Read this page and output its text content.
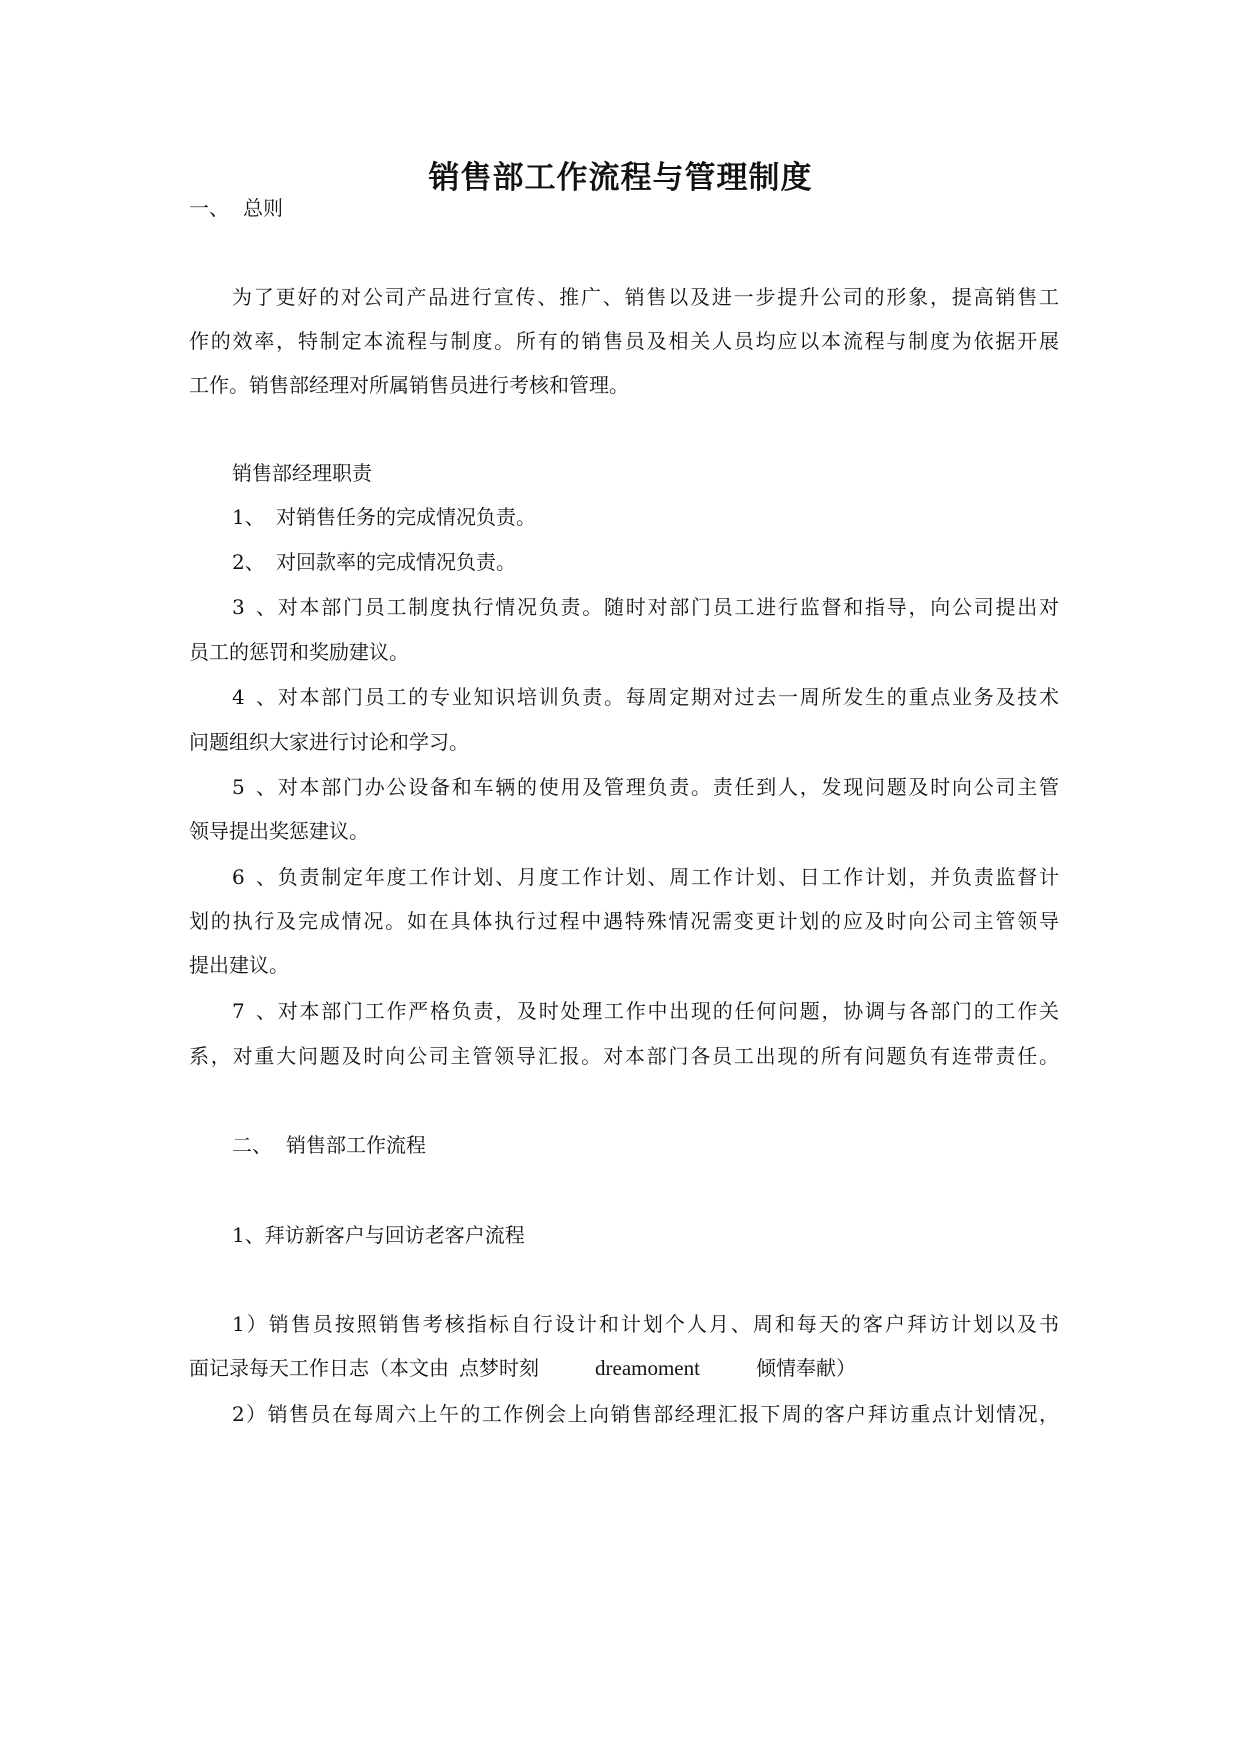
销售部工作流程与管理制度
一、 总则
为了更好的对公司产品进行宣传、推广、销售以及进一步提升公司的形象，提高销售工
作的效率，特制定本流程与制度。所有的销售员及相关人员均应以本流程与制度为依据开展
工作。销售部经理对所属销售员进行考核和管理。
销售部经理职责
1、 对销售任务的完成情况负责。
2、 对回款率的完成情况负责。
3、对本部门员工制度执行情况负责。随时对部门员工进行监督和指导，向公司提出对
员工的惩罚和奖励建议。
4、对本部门员工的专业知识培训负责。每周定期对过去一周所发生的重点业务及技术
问题组织大家进行讨论和学习。
5、对本部门办公设备和车辆的使用及管理负责。责任到人，发现问题及时向公司主管
领导提出奖惩建议。
6、负责制定年度工作计划、月度工作计划、周工作计划、日工作计划，并负责监督计
划的执行及完成情况。如在具体执行过程中遇特殊情况需变更计划的应及时向公司主管领导
提出建议。
7、对本部门工作严格负责，及时处理工作中出现的任何问题，协调与各部门的工作关
系，对重大问题及时向公司主管领导汇报。对本部门各员工出现的所有问题负有连带责任。
二、 销售部工作流程
1、拜访新客户与回访老客户流程
1）销售员按照销售考核指标自行设计和计划个人月、周和每天的客户拜访计划以及书
面记录每天工作日志（本文由 点梦时刻	dreamoment	倾情奉献）
2）销售员在每周六上午的工作例会上向销售部经理汇报下周的客户拜访重点计划情况，
